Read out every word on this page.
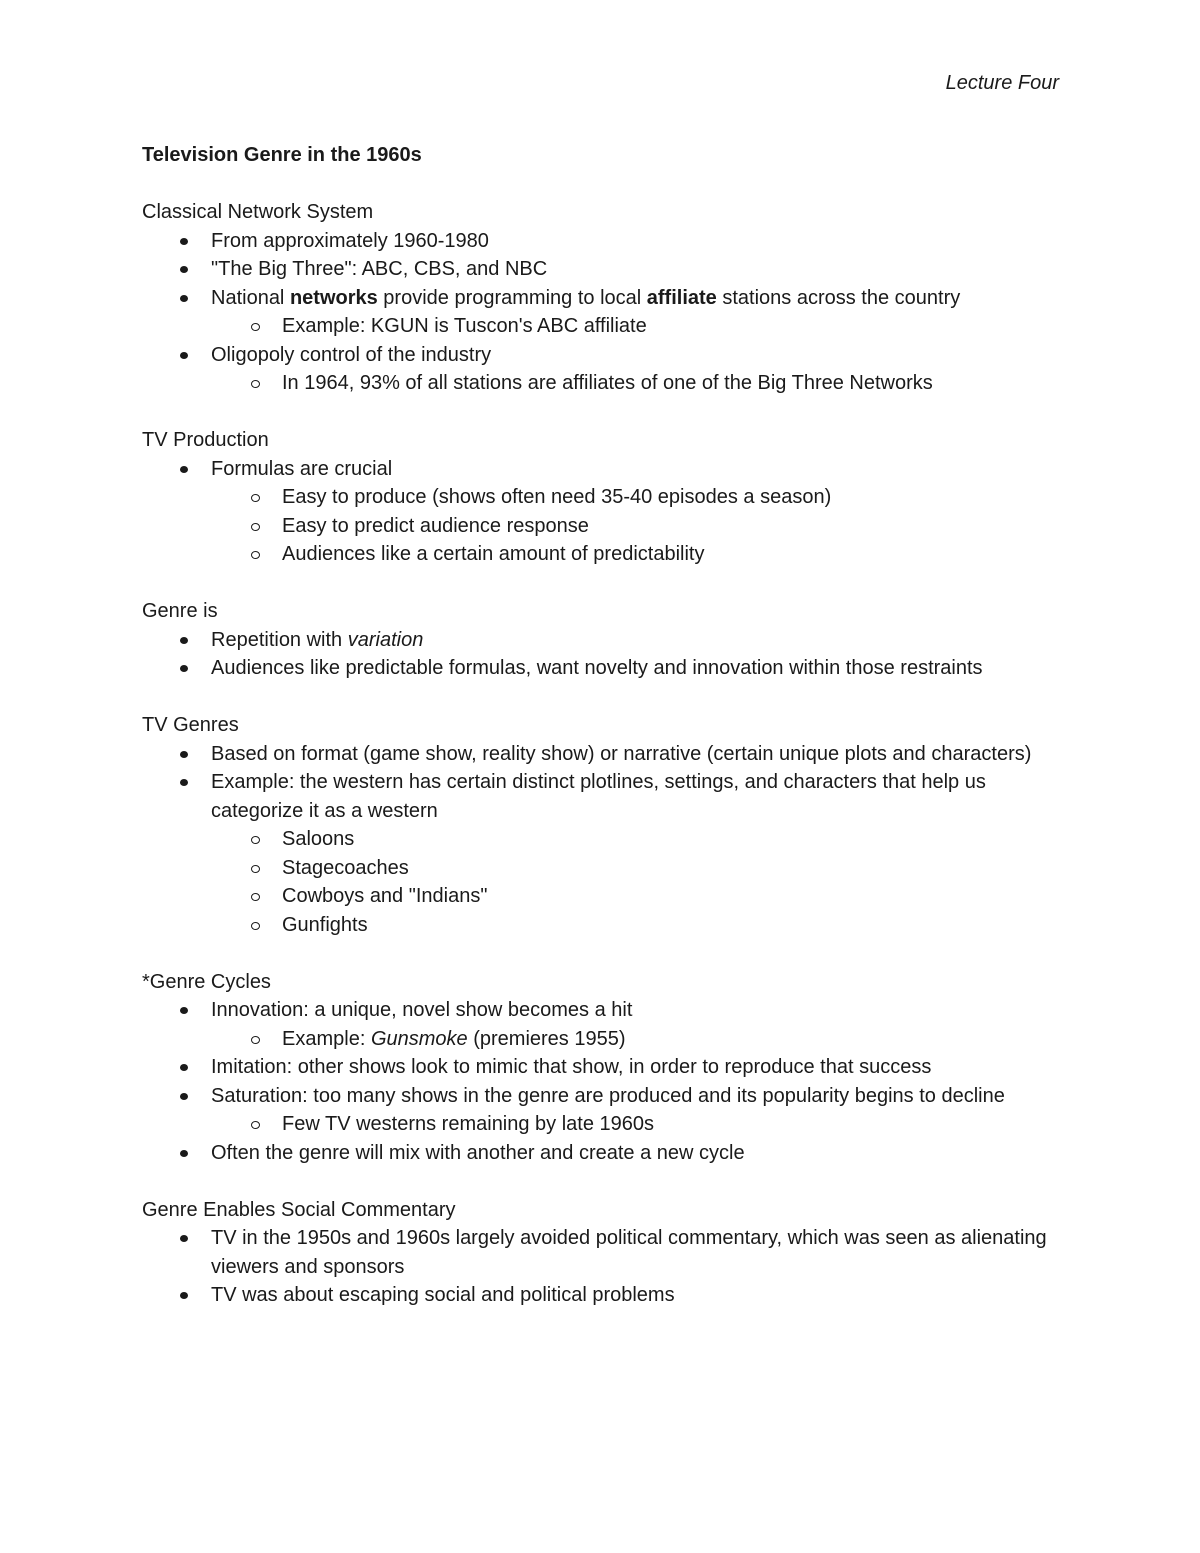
Lecture Four
Television Genre in the 1960s
Classical Network System
From approximately 1960-1980
"The Big Three": ABC, CBS, and NBC
National networks provide programming to local affiliate stations across the country
Example: KGUN is Tuscon's ABC affiliate
Oligopoly control of the industry
In 1964, 93% of all stations are affiliates of one of the Big Three Networks
TV Production
Formulas are crucial
Easy to produce (shows often need 35-40 episodes a season)
Easy to predict audience response
Audiences like a certain amount of predictability
Genre is
Repetition with variation
Audiences like predictable formulas, want novelty and innovation within those restraints
TV Genres
Based on format (game show, reality show) or narrative (certain unique plots and characters)
Example: the western has certain distinct plotlines, settings, and characters that help us categorize it as a western
Saloons
Stagecoaches
Cowboys and "Indians"
Gunfights
*Genre Cycles
Innovation: a unique, novel show becomes a hit
Example: Gunsmoke (premieres 1955)
Imitation: other shows look to mimic that show, in order to reproduce that success
Saturation: too many shows in the genre are produced and its popularity begins to decline
Few TV westerns remaining by late 1960s
Often the genre will mix with another and create a new cycle
Genre Enables Social Commentary
TV in the 1950s and 1960s largely avoided political commentary, which was seen as alienating viewers and sponsors
TV was about escaping social and political problems
